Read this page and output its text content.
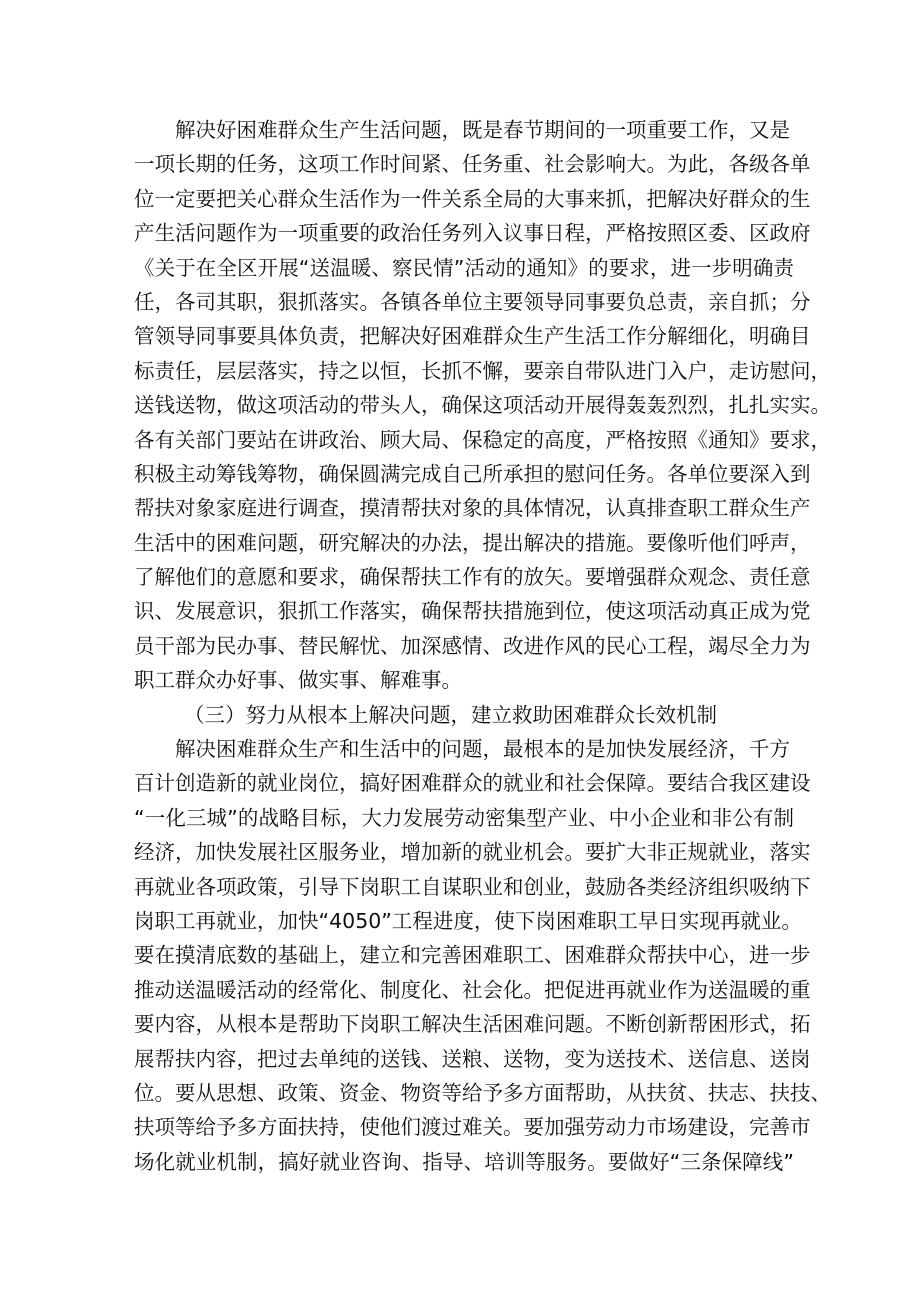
解决好困难群众生产生活问题，既是春节期间的一项重要工作，又是
一项长期的任务，这项工作时间紧、任务重、社会影响大。为此，各级各单
位一定要把关心群众生活作为一件关系全局的大事来抓，把解决好群众的生
产生活问题作为一项重要的政治任务列入议事日程，严格按照区委、区政府
《关于在全区开展“送温暖、察民情”活动的通知》的要求，进一步明确责
任，各司其职，狠抓落实。各镇各单位主要领导同事要负总责，亲自抓；分
管领导同事要具体负责，把解决好困难群众生产生活工作分解细化，明确目
标责任，层层落实，持之以恒，长抓不懈，要亲自带队进门入户，走访慰问，
送钱送物，做这项活动的带头人，确保这项活动开展得轰轰烈烈，扎扎实实。
各有关部门要站在讲政治、顾大局、保稳定的高度，严格按照《通知》要求，
积极主动筹钱筹物，确保圆满完成自己所承担的慰问任务。各单位要深入到
帮扶对象家庭进行调查，摸清帮扶对象的具体情况，认真排查职工群众生产
生活中的困难问题，研究解决的办法，提出解决的措施。要像听他们呼声，
了解他们的意愿和要求，确保帮扶工作有的放矢。要增强群众观念、责任意
识、发展意识，狠抓工作落实，确保帮扶措施到位，使这项活动真正成为党
员干部为民办事、替民解忧、加深感情、改进作风的民心工程，竭尽全力为
职工群众办好事、做实事、解难事。
（三）努力从根本上解决问题，建立救助困难群众长效机制
解决困难群众生产和生活中的问题，最根本的是加快发展经济，千方
百计创造新的就业岗位，搞好困难群众的就业和社会保障。要结合我区建设
“一化三城”的战略目标，大力发展劳动密集型产业、中小企业和非公有制
经济，加快发展社区服务业，增加新的就业机会。要扩大非正规就业，落实
再就业各项政策，引导下岗职工自谋职业和创业，鼓励各类经济组织吸纳下
岗职工再就业，加快“4050”工程进度，使下岗困难职工早日实现再就业。
要在摸清底数的基础上，建立和完善困难职工、困难群众帮扶中心，进一步
推动送温暖活动的经常化、制度化、社会化。把促进再就业作为送温暖的重
要内容，从根本是帮助下岗职工解决生活困难问题。不断创新帮困形式，拓
展帮扶内容，把过去单纯的送钱、送粮、送物，变为送技术、送信息、送岗
位。要从思想、政策、资金、物资等给予多方面帮助，从扶贫、扶志、扶技、
扶项等给予多方面扶持，使他们渡过难关。要加强劳动力市场建设，完善市
场化就业机制，搞好就业咨询、指导、培训等服务。要做好“三条保障线”
